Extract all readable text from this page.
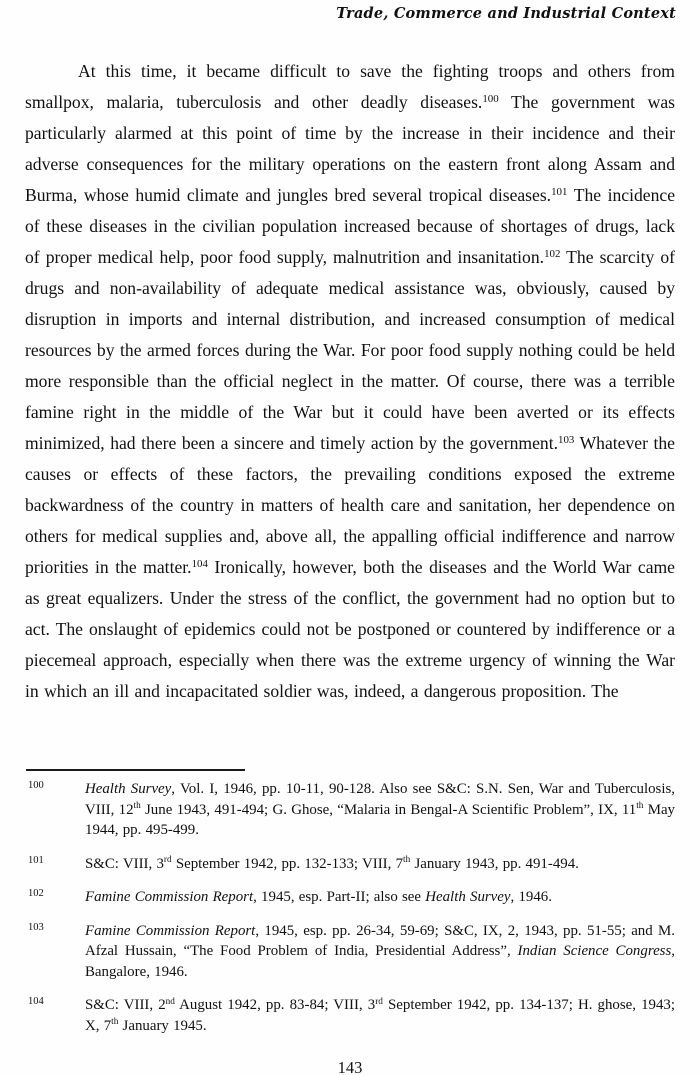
Trade, Commerce and Industrial Context
At this time, it became difficult to save the fighting troops and others from smallpox, malaria, tuberculosis and other deadly diseases.$^{100}$ The government was particularly alarmed at this point of time by the increase in their incidence and their adverse consequences for the military operations on the eastern front along Assam and Burma, whose humid climate and jungles bred several tropical diseases.$^{101}$ The incidence of these diseases in the civilian population increased because of shortages of drugs, lack of proper medical help, poor food supply, malnutrition and insanitation.$^{102}$ The scarcity of drugs and non-availability of adequate medical assistance was, obviously, caused by disruption in imports and internal distribution, and increased consumption of medical resources by the armed forces during the War. For poor food supply nothing could be held more responsible than the official neglect in the matter. Of course, there was a terrible famine right in the middle of the War but it could have been averted or its effects minimized, had there been a sincere and timely action by the government.$^{103}$ Whatever the causes or effects of these factors, the prevailing conditions exposed the extreme backwardness of the country in matters of health care and sanitation, her dependence on others for medical supplies and, above all, the appalling official indifference and narrow priorities in the matter.$^{104}$ Ironically, however, both the diseases and the World War came as great equalizers. Under the stress of the conflict, the government had no option but to act. The onslaught of epidemics could not be postponed or countered by indifference or a piecemeal approach, especially when there was the extreme urgency of winning the War in which an ill and incapacitated soldier was, indeed, a dangerous proposition. The
100	Health Survey, Vol. I, 1946, pp. 10-11, 90-128. Also see S&C: S.N. Sen, War and Tuberculosis, VIII, 12th June 1943, 491-494; G. Ghose, “Malaria in Bengal-A Scientific Problem”, IX, 11th May 1944, pp. 495-499.
101	S&C: VIII, 3rd September 1942, pp. 132-133; VIII, 7th January 1943, pp. 491-494.
102	Famine Commission Report, 1945, esp. Part-II; also see Health Survey, 1946.
103	Famine Commission Report, 1945, esp. pp. 26-34, 59-69; S&C, IX, 2, 1943, pp. 51-55; and M. Afzal Hussain, “The Food Problem of India, Presidential Address”, Indian Science Congress, Bangalore, 1946.
104	S&C: VIII, 2nd August 1942, pp. 83-84; VIII, 3rd September 1942, pp. 134-137; H. ghose, 1943; X, 7th January 1945.
143
